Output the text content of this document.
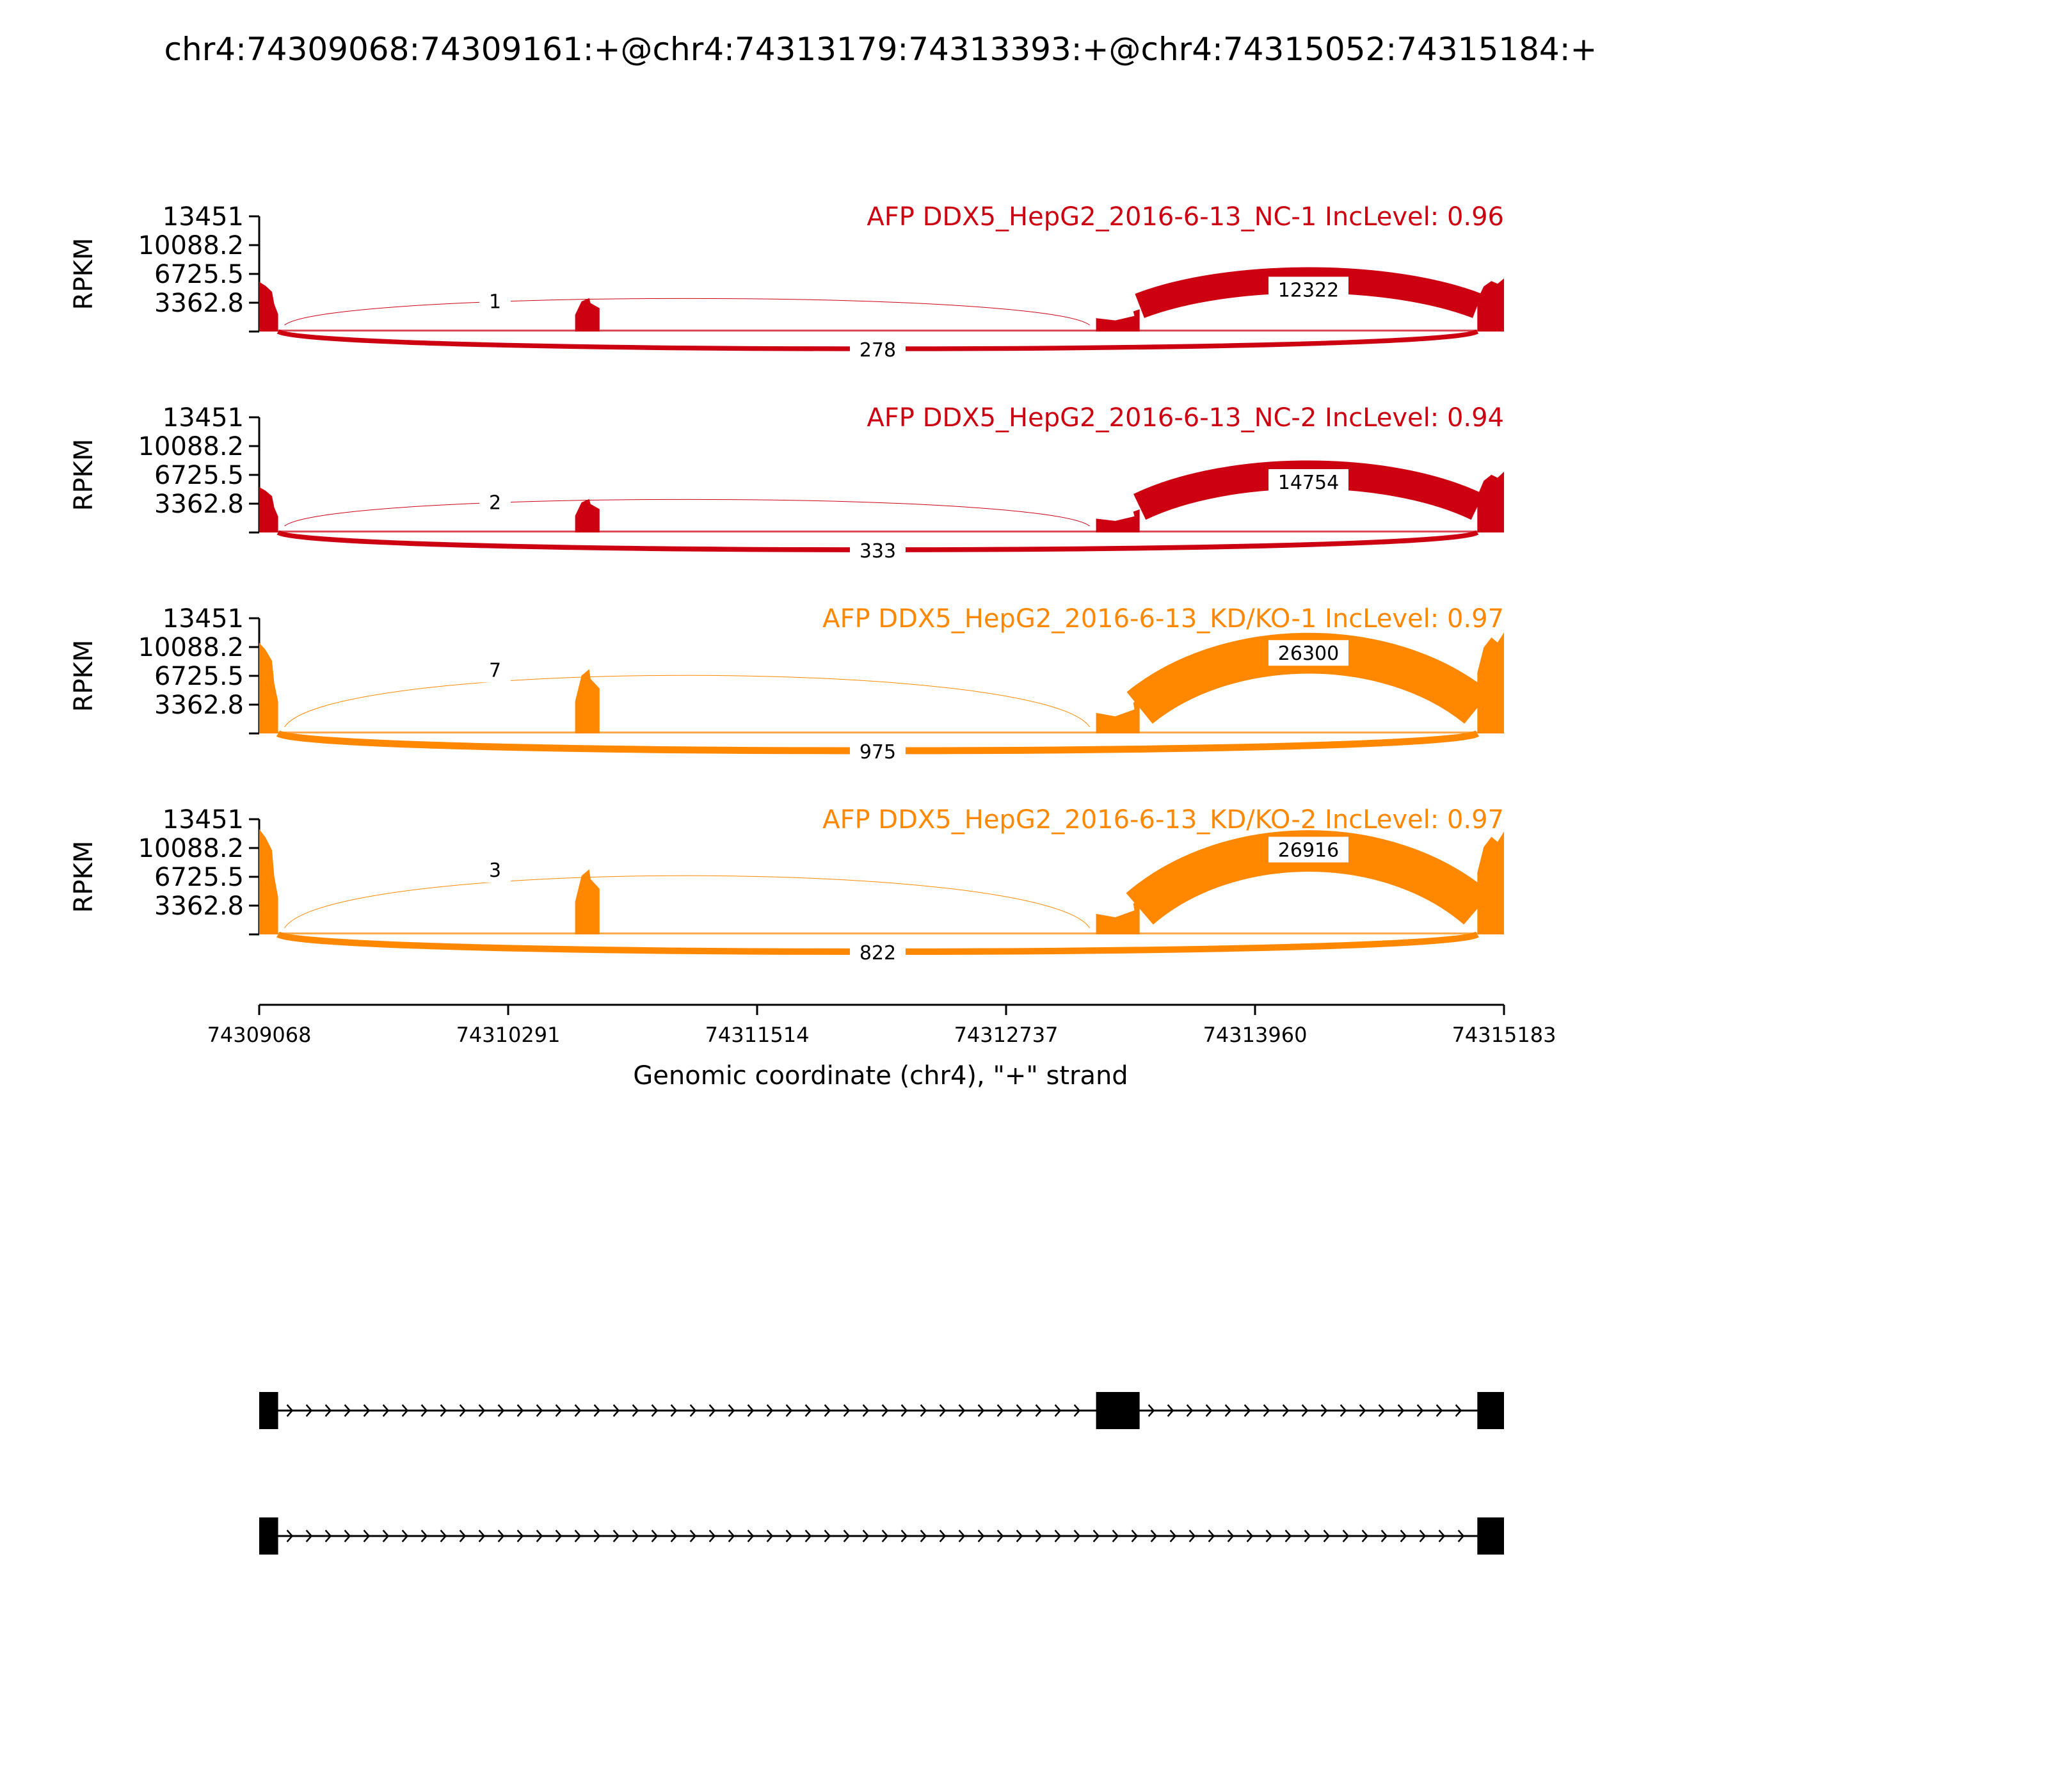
chr4:74309068:74309161:+@chr4:74313179:74313393:+@chr4:74315052:74315184:+
13451
10088.2
6725.5
3362.8
RPKM
AFP DDX5_HepG2_2016-6-13_NC-1 IncLevel: 0.96
1
12322
278
13451
10088.2
6725.5
3362.8
RPKM
AFP DDX5_HepG2_2016-6-13_NC-2 IncLevel: 0.94
2
14754
333
13451
10088.2
6725.5
3362.8
RPKM
AFP DDX5_HepG2_2016-6-13_KD/KO-1 IncLevel: 0.97
7
26300
975
13451
10088.2
6725.5
3362.8
RPKM
AFP DDX5_HepG2_2016-6-13_KD/KO-2 IncLevel: 0.97
3
26916
822
74309068	74310291	74311514	74312737	74313960	74315183
Genomic coordinate (chr4), "+" strand
